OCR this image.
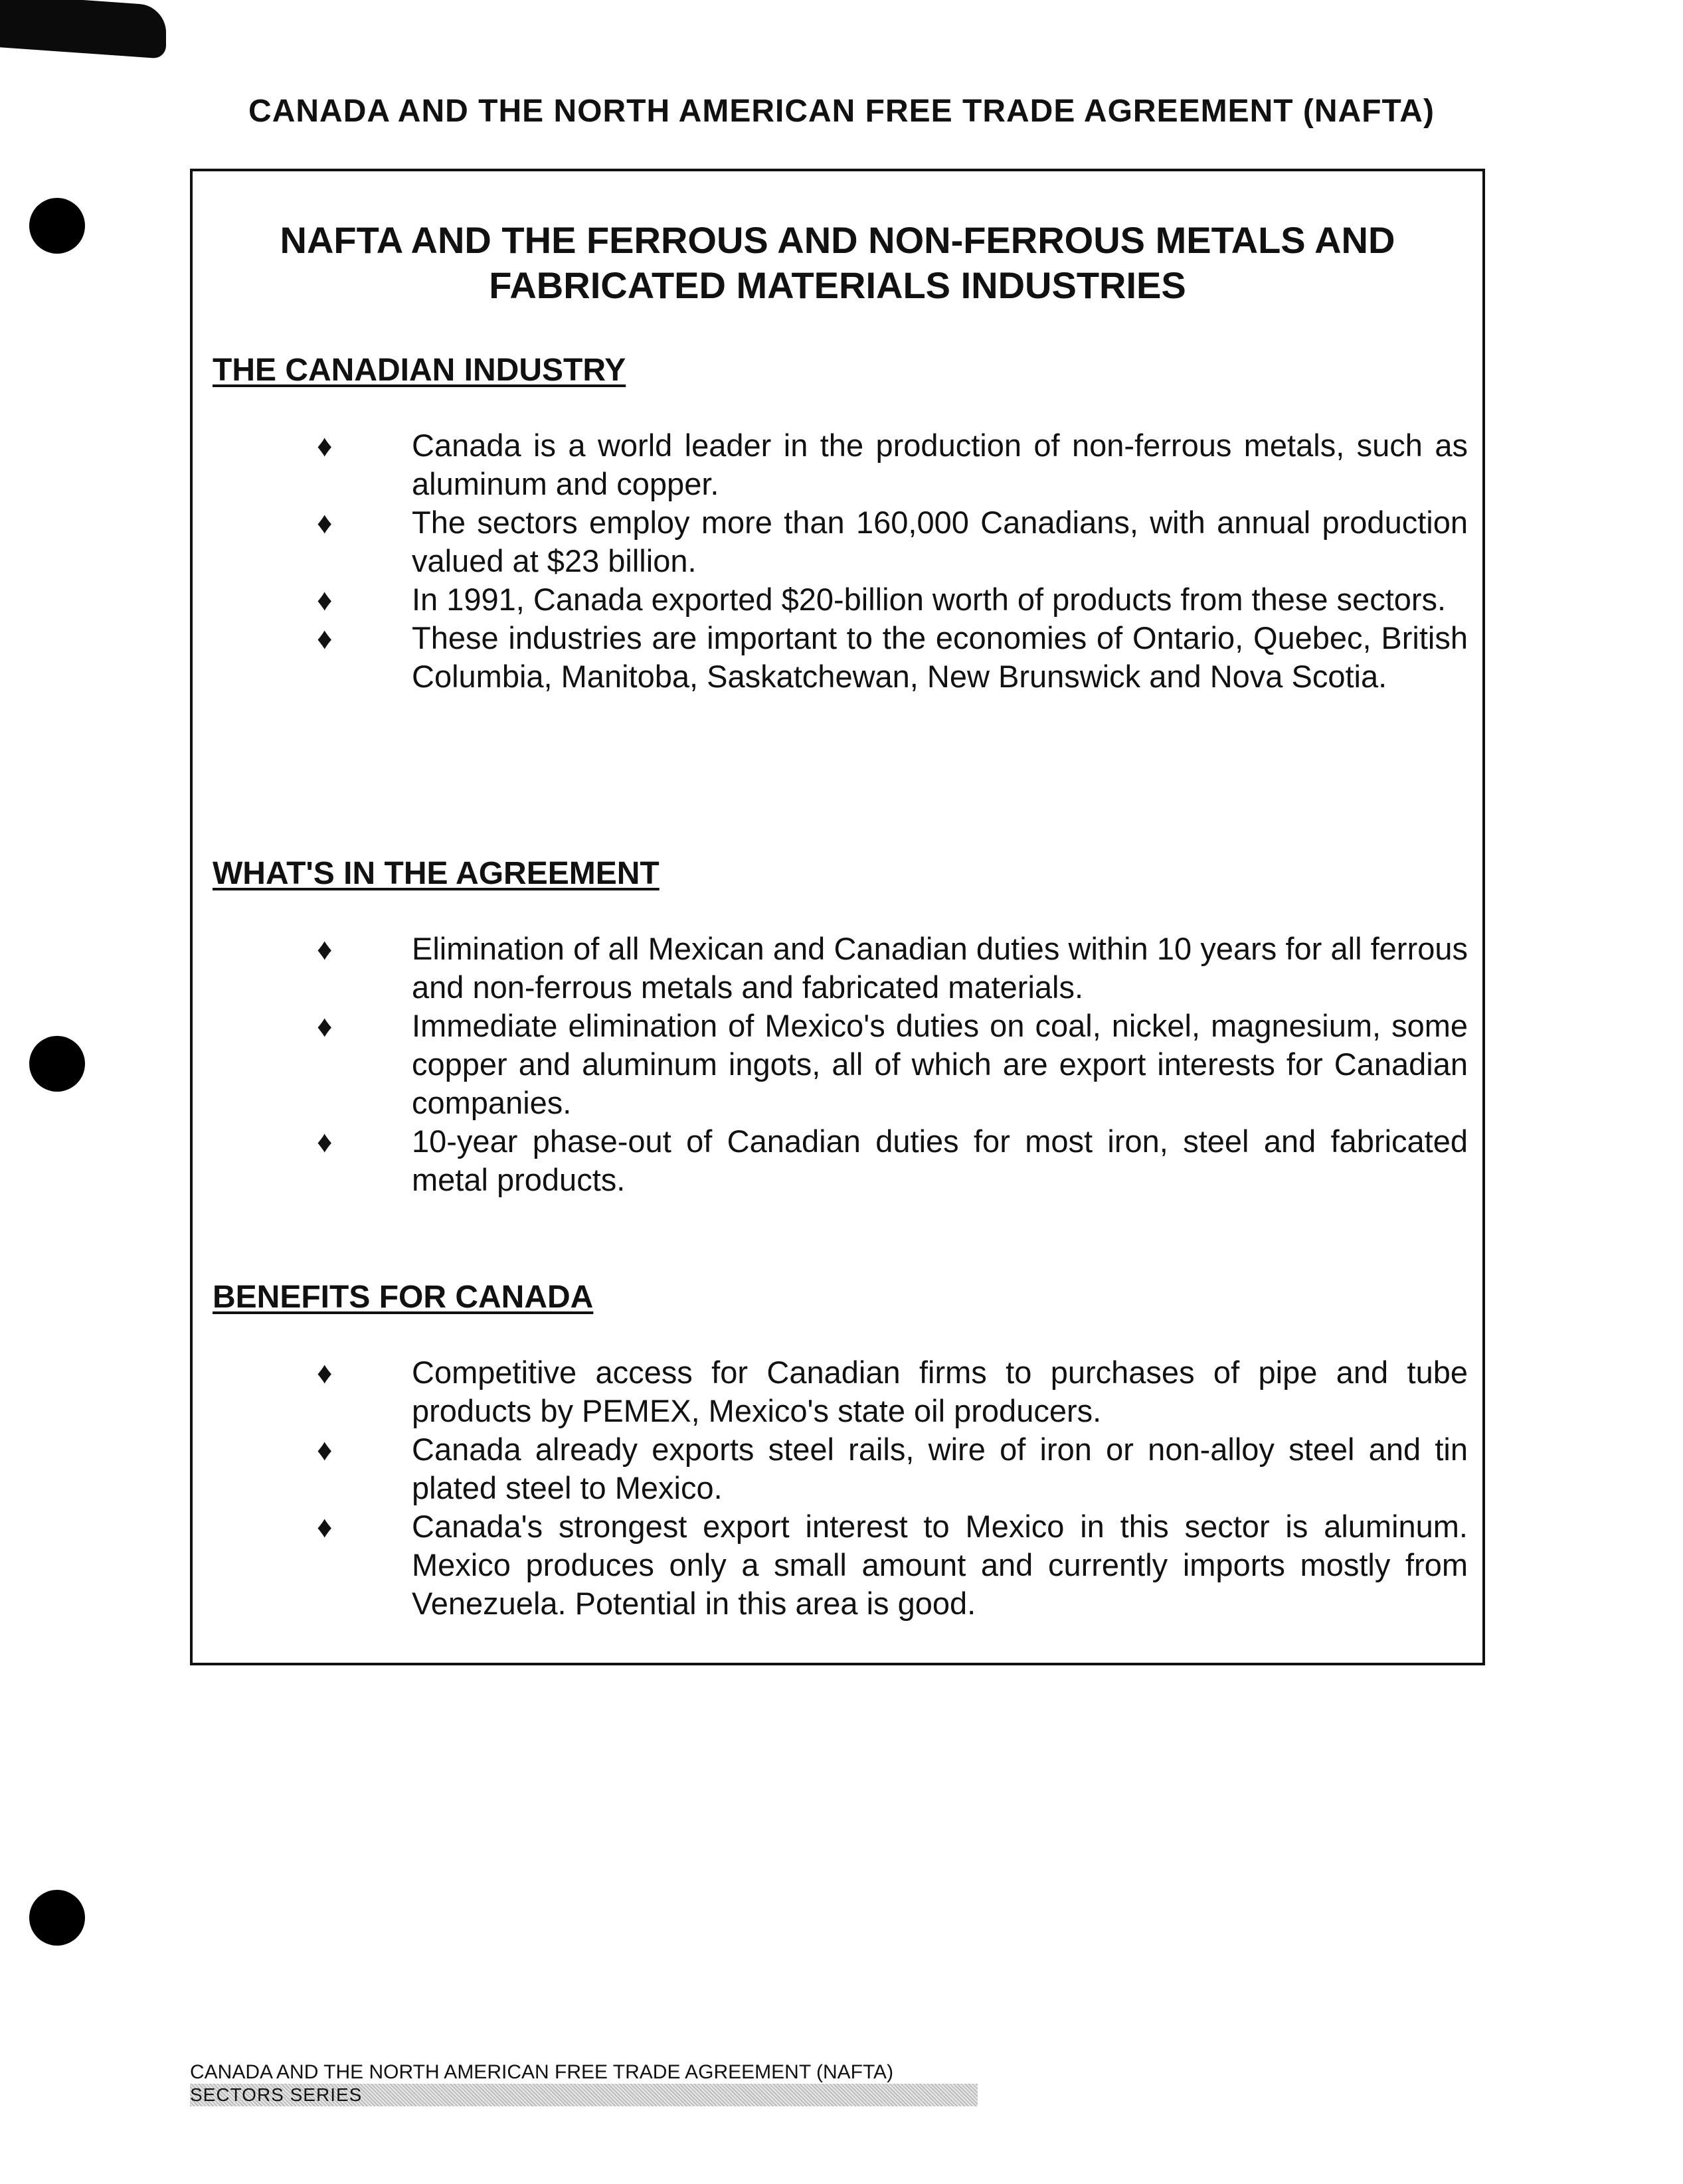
CANADA AND THE NORTH AMERICAN FREE TRADE AGREEMENT (NAFTA)
NAFTA AND THE FERROUS AND NON-FERROUS METALS AND
FABRICATED MATERIALS INDUSTRIES
THE CANADIAN INDUSTRY
♦	Canada is a world leader in the production of non-ferrous metals, such as aluminum and copper.
♦	The sectors employ more than 160,000 Canadians, with annual production valued at $23 billion.
♦	In 1991, Canada exported $20-billion worth of products from these sectors.
♦	These industries are important to the economies of Ontario, Quebec, British Columbia, Manitoba, Saskatchewan, New Brunswick and Nova Scotia.
WHAT'S IN THE AGREEMENT
♦	Elimination of all Mexican and Canadian duties within 10 years for all ferrous and non-ferrous metals and fabricated materials.
♦	Immediate elimination of Mexico's duties on coal, nickel, magnesium, some copper and aluminum ingots, all of which are export interests for Canadian companies.
♦	10-year phase-out of Canadian duties for most iron, steel and fabricated metal products.
BENEFITS FOR CANADA
♦	Competitive access for Canadian firms to purchases of pipe and tube products by PEMEX, Mexico's state oil producers.
♦	Canada already exports steel rails, wire of iron or non-alloy steel and tin plated steel to Mexico.
♦	Canada's strongest export interest to Mexico in this sector is aluminum. Mexico produces only a small amount and currently imports mostly from Venezuela. Potential in this area is good.
CANADA AND THE NORTH AMERICAN FREE TRADE AGREEMENT (NAFTA)
SECTORS SERIES
